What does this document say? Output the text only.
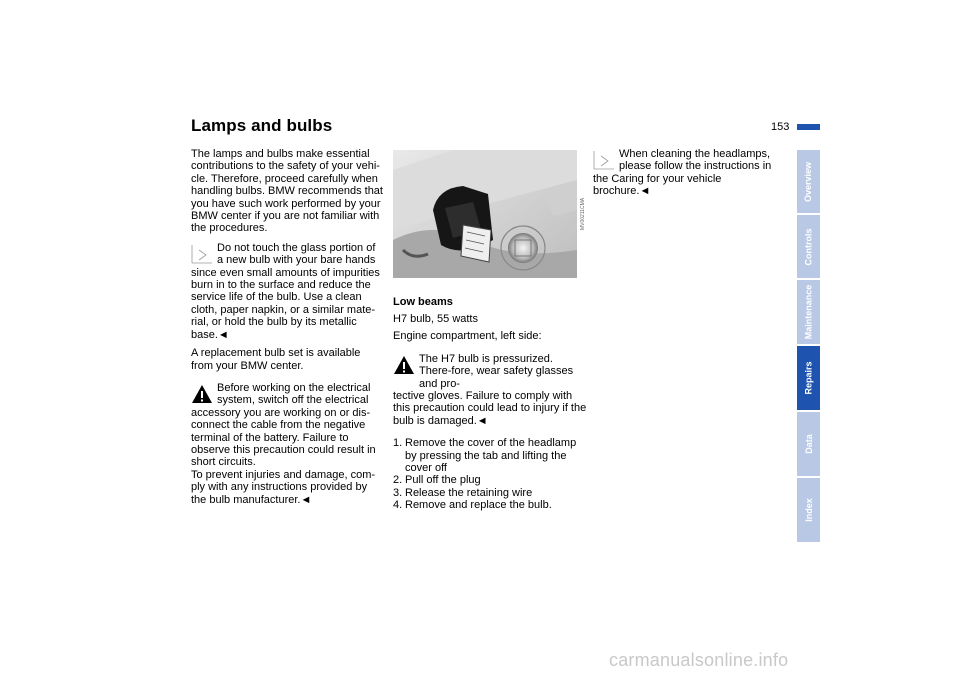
Lamps and bulbs	153

The lamps and bulbs make essential contributions to the safety of your vehi-cle. Therefore, proceed carefully when handling bulbs. BMW recommends that you have such work performed by your BMW center if you are not familiar with the procedures.

Do not touch the glass portion of a new bulb with your bare hands

since even small amounts of impurities burn in to the surface and reduce the service life of the bulb. Use a clean cloth, paper napkin, or a similar mate-rial, or hold the bulb by its metallic base.◄

A replacement bulb set is available from your BMW center.

Before working on the electrical system, switch off the electrical

accessory you are working on or dis-connect the cable from the negative terminal of the battery. Failure to observe this precaution could result in short circuits.

To prevent injuries and damage, com-ply with any instructions provided by the bulb manufacturer.◄

MV00211CMA

Low beams

H7 bulb, 55 watts

Engine compartment, left side:

The H7 bulb is pressurized. There-fore, wear safety glasses and pro-

tective gloves. Failure to comply with this precaution could lead to injury if the bulb is damaged.◄

1. Remove the cover of the headlamp by pressing the tab and lifting the cover off
2. Pull off the plug
3. Release the retaining wire
4. Remove and replace the bulb.

When cleaning the headlamps, please follow the instructions in

the Caring for your vehicle brochure.◄	Overview
Controls
Maintenance
Repairs
Data
Index
carmanualsonline.info
